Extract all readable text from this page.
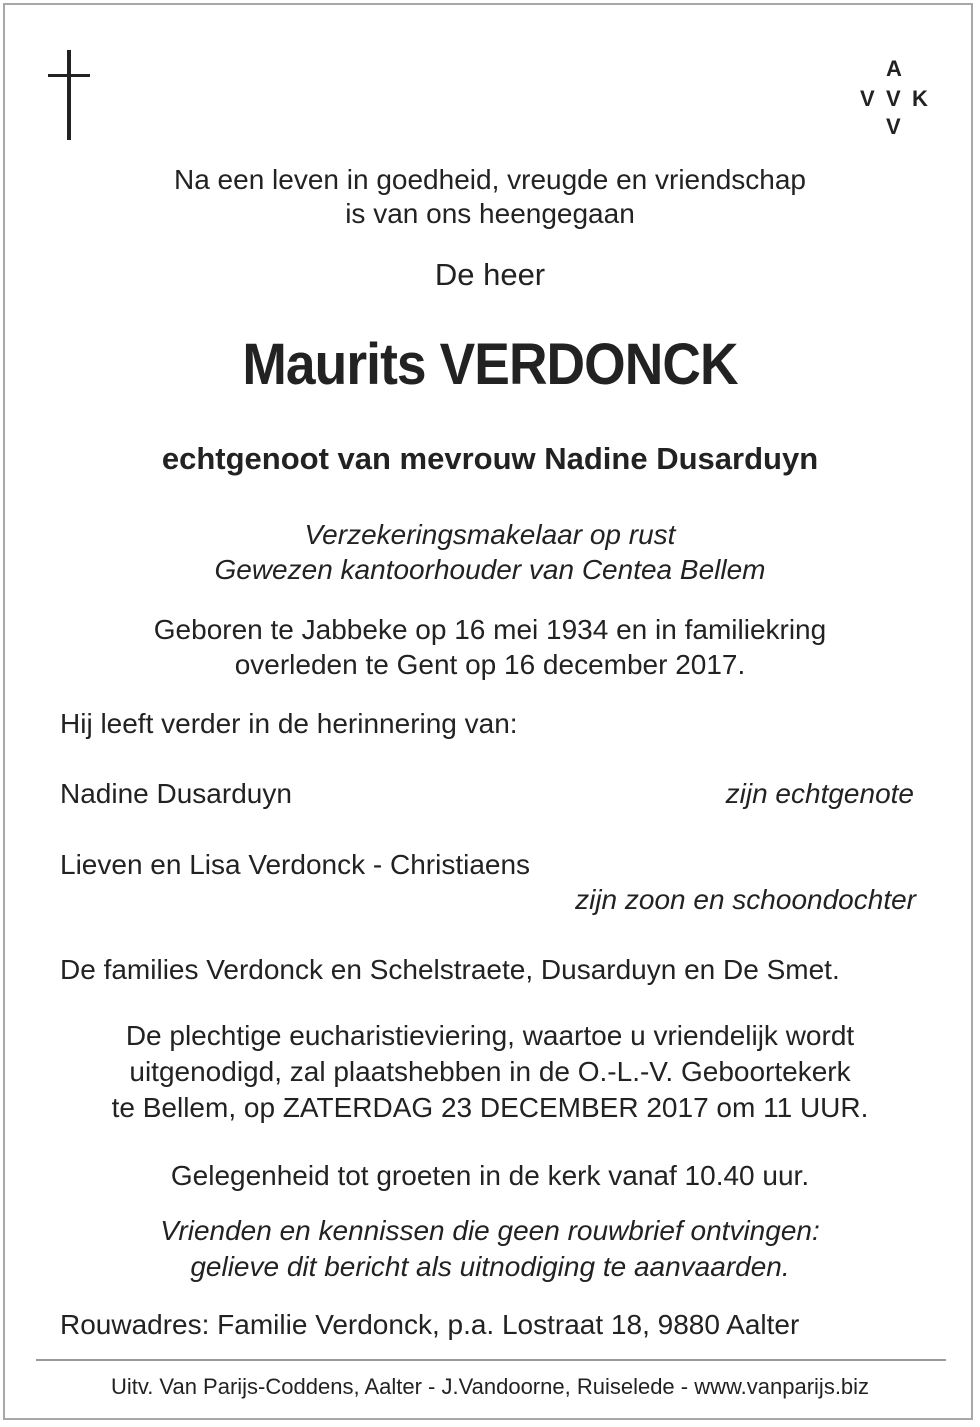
A
V V K
V
Na een leven in goedheid, vreugde en vriendschap
is van ons heengegaan
De heer
Maurits VERDONCK
echtgenoot van mevrouw Nadine Dusarduyn
Verzekeringsmakelaar op rust
Gewezen kantoorhouder van Centea Bellem
Geboren te Jabbeke op 16 mei 1934 en in familiekring
overleden te Gent op 16 december 2017.
Hij leeft verder in de herinnering van:
Nadine Dusarduyn	zijn echtgenote
Lieven en Lisa Verdonck - Christiaens
zijn zoon en schoondochter
De families Verdonck en Schelstraete, Dusarduyn en De Smet.
De plechtige eucharistieviering, waartoe u vriendelijk wordt
uitgenodigd, zal plaatshebben in de O.-L.-V. Geboortekerk
te Bellem, op ZATERDAG 23 DECEMBER 2017 om 11 UUR.
Gelegenheid tot groeten in de kerk vanaf 10.40 uur.
Vrienden en kennissen die geen rouwbrief ontvingen:
gelieve dit bericht als uitnodiging te aanvaarden.
Rouwadres: Familie Verdonck, p.a. Lostraat 18, 9880 Aalter
Uitv. Van Parijs-Coddens, Aalter - J.Vandoorne, Ruiselede - www.vanparijs.biz
